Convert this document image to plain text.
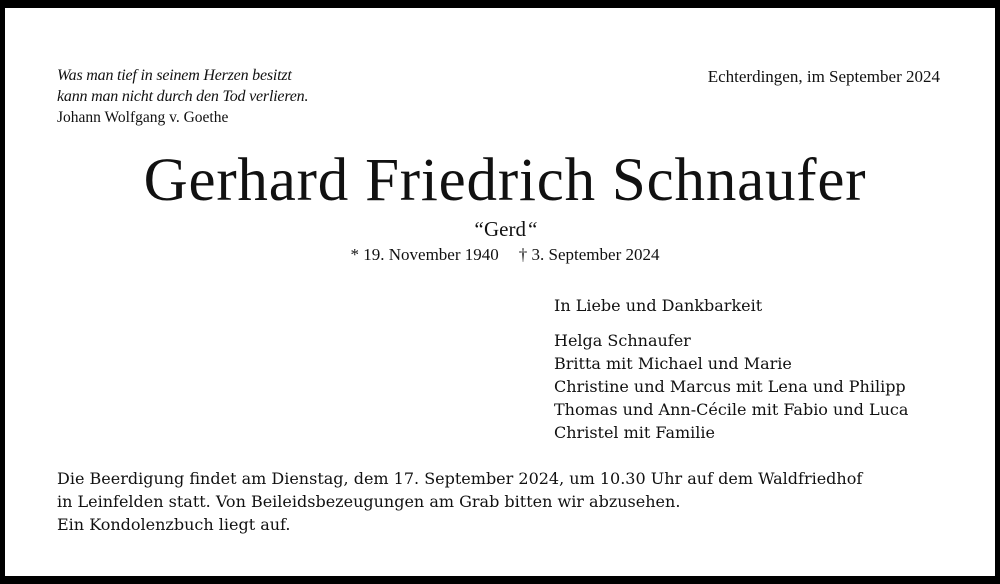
Was man tief in seinem Herzen besitzt
kann man nicht durch den Tod verlieren.
Johann Wolfgang v. Goethe
Echterdingen, im September 2024
Gerhard Friedrich Schnaufer
“Gerd“
* 19. November 1940 † 3. September 2024
In Liebe und Dankbarkeit
Helga Schnaufer
Britta mit Michael und Marie
Christine und Marcus mit Lena und Philipp
Thomas und Ann-Cécile mit Fabio und Luca
Christel mit Familie
Die Beerdigung findet am Dienstag, dem 17. September 2024, um 10.30 Uhr auf dem Waldfriedhof
in Leinfelden statt. Von Beileidsbezeugungen am Grab bitten wir abzusehen.
Ein Kondolenzbuch liegt auf.
